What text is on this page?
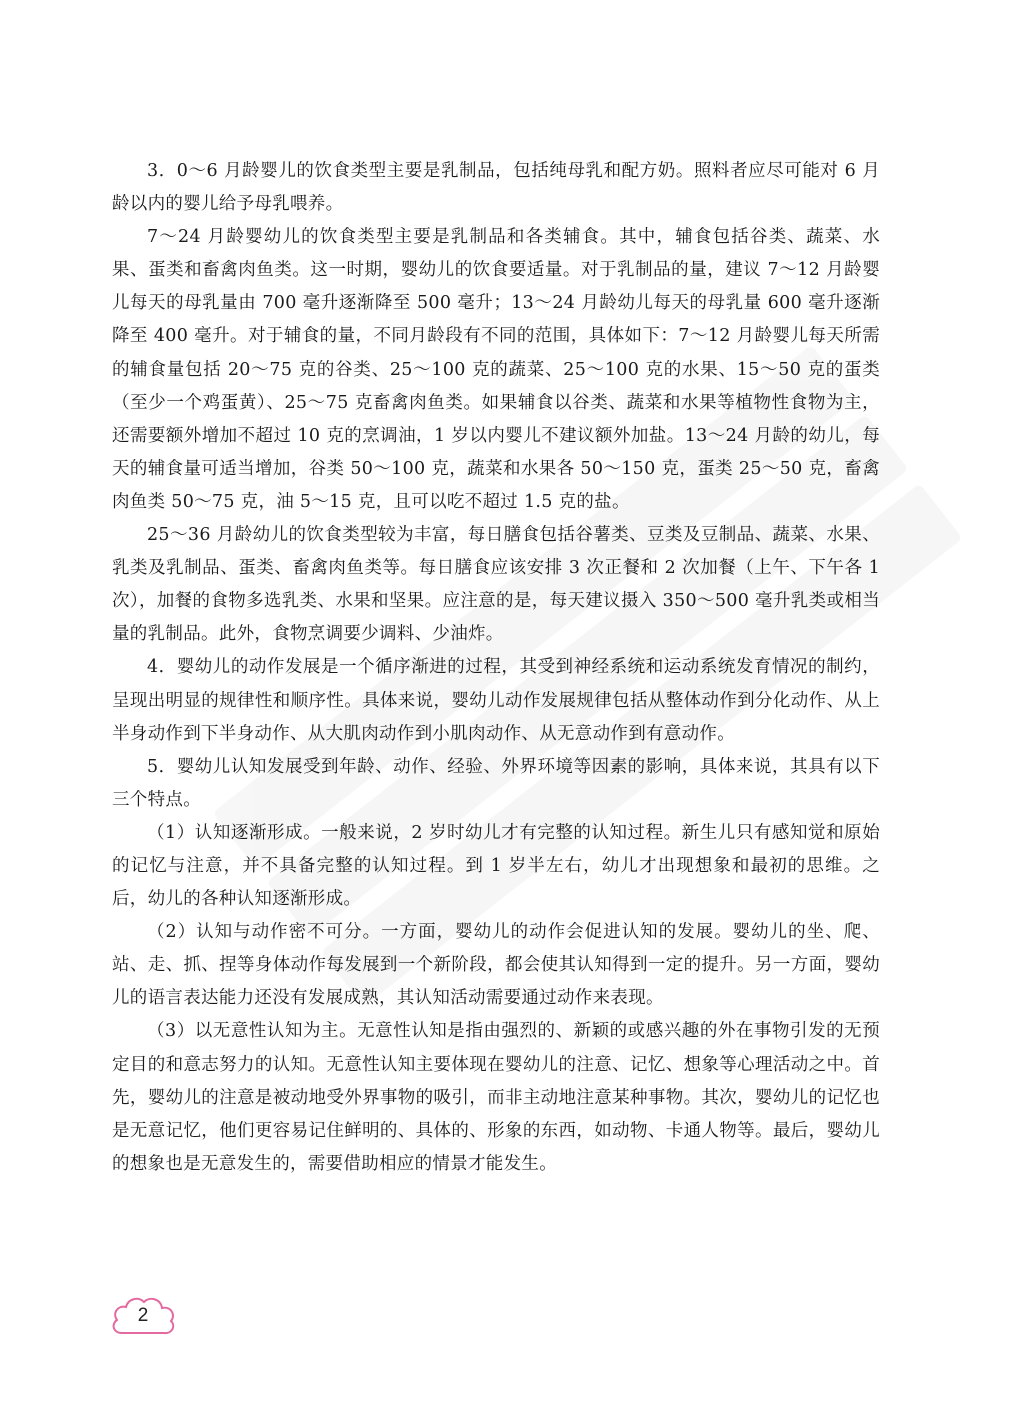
3．0～6 月龄婴儿的饮食类型主要是乳制品，包括纯母乳和配方奶。照料者应尽可能对 6 月龄以内的婴儿给予母乳喂养。

7～24 月龄婴幼儿的饮食类型主要是乳制品和各类辅食。其中，辅食包括谷类、蔬菜、水果、蛋类和畜禽肉鱼类。这一时期，婴幼儿的饮食要适量。对于乳制品的量，建议 7～12 月龄婴儿每天的母乳量由 700 毫升逐渐降至 500 毫升；13～24 月龄幼儿每天的母乳量 600 毫升逐渐降至 400 毫升。对于辅食的量，不同月龄段有不同的范围，具体如下：7～12 月龄婴儿每天所需的辅食量包括 20～75 克的谷类、25～100 克的蔬菜、25～100 克的水果、15～50 克的蛋类（至少一个鸡蛋黄）、25～75 克畜禽肉鱼类。如果辅食以谷类、蔬菜和水果等植物性食物为主，还需要额外增加不超过 10 克的烹调油，1 岁以内婴儿不建议额外加盐。13～24 月龄的幼儿，每天的辅食量可适当增加，谷类 50～100 克，蔬菜和水果各 50～150 克，蛋类 25～50 克，畜禽肉鱼类 50～75 克，油 5～15 克，且可以吃不超过 1.5 克的盐。

25～36 月龄幼儿的饮食类型较为丰富，每日膳食包括谷薯类、豆类及豆制品、蔬菜、水果、乳类及乳制品、蛋类、畜禽肉鱼类等。每日膳食应该安排 3 次正餐和 2 次加餐（上午、下午各 1 次），加餐的食物多选乳类、水果和坚果。应注意的是，每天建议摄入 350～500 毫升乳类或相当量的乳制品。此外，食物烹调要少调料、少油炸。

4．婴幼儿的动作发展是一个循序渐进的过程，其受到神经系统和运动系统发育情况的制约，呈现出明显的规律性和顺序性。具体来说，婴幼儿动作发展规律包括从整体动作到分化动作、从上半身动作到下半身动作、从大肌肉动作到小肌肉动作、从无意动作到有意动作。

5．婴幼儿认知发展受到年龄、动作、经验、外界环境等因素的影响，具体来说，其具有以下三个特点。

（1）认知逐渐形成。一般来说，2 岁时幼儿才有完整的认知过程。新生儿只有感知觉和原始的记忆与注意，并不具备完整的认知过程。到 1 岁半左右，幼儿才出现想象和最初的思维。之后，幼儿的各种认知逐渐形成。

（2）认知与动作密不可分。一方面，婴幼儿的动作会促进认知的发展。婴幼儿的坐、爬、站、走、抓、捏等身体动作每发展到一个新阶段，都会使其认知得到一定的提升。另一方面，婴幼儿的语言表达能力还没有发展成熟，其认知活动需要通过动作来表现。

（3）以无意性认知为主。无意性认知是指由强烈的、新颖的或感兴趣的外在事物引发的无预定目的和意志努力的认知。无意性认知主要体现在婴幼儿的注意、记忆、想象等心理活动之中。首先，婴幼儿的注意是被动地受外界事物的吸引，而非主动地注意某种事物。其次，婴幼儿的记忆也是无意记忆，他们更容易记住鲜明的、具体的、形象的东西，如动物、卡通人物等。最后，婴幼儿的想象也是无意发生的，需要借助相应的情景才能发生。

2
